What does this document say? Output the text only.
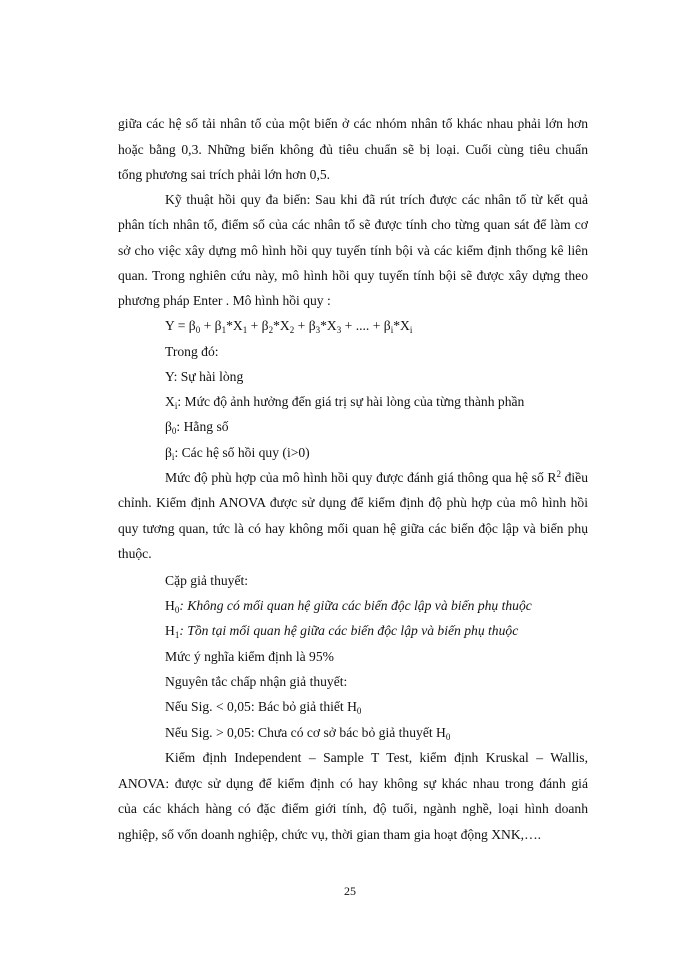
giữa các hệ số tải nhân tố của một biến ở các nhóm nhân tố khác nhau phải lớn hơn
hoặc bằng 0,3. Những biến không đủ tiêu chuẩn sẽ bị loại. Cuối cùng tiêu chuẩn
tổng phương sai trích phải lớn hơn 0,5.
Kỹ thuật hồi quy đa biến: Sau khi đã rút trích được các nhân tố từ kết quả
phân tích nhân tố, điểm số của các nhân tố sẽ được tính cho từng quan sát để làm cơ
sở cho việc xây dựng mô hình hồi quy tuyến tính bội và các kiểm định thống kê liên
quan. Trong nghiên cứu này, mô hình hồi quy tuyến tính bội sẽ được xây dựng theo
phương pháp Enter . Mô hình hồi quy :
$Y = \beta_0 + \beta_1*X_1 + \beta_2*X_2 + \beta_3*X_3$ + .... + $\beta_i*X_i$
Trong đó:
Y: Sự hài lòng
$X_i$: Mức độ ảnh hưởng đến giá trị sự hài lòng của từng thành phần
$\beta_0$: Hằng số
$\beta_i$: Các hệ số hồi quy (i>0)
Mức độ phù hợp của mô hình hồi quy được đánh giá thông qua hệ số $R^2$ điều
chỉnh. Kiểm định ANOVA được sử dụng để kiểm định độ phù hợp của mô hình hồi
quy tương quan, tức là có hay không mối quan hệ giữa các biến độc lập và biến phụ
thuộc.
Cặp giả thuyết:
$H_0$: Không có mối quan hệ giữa các biến độc lập và biến phụ thuộc
$H_1$: Tồn tại mối quan hệ giữa các biến độc lập và biến phụ thuộc
Mức ý nghĩa kiểm định là 95%
Nguyên tắc chấp nhận giả thuyết:
Nếu Sig. < 0,05: Bác bỏ giả thiết $H_0$
Nếu Sig. > 0,05: Chưa có cơ sở bác bỏ giả thuyết $H_0$
Kiểm định Independent – Sample T Test, kiểm định Kruskal – Wallis,
ANOVA: được sử dụng để kiểm định có hay không sự khác nhau trong đánh giá
của các khách hàng có đặc điểm giới tính, độ tuổi, ngành nghề, loại hình doanh
nghiệp, số vốn doanh nghiệp, chức vụ, thời gian tham gia hoạt động XNK,….
25
